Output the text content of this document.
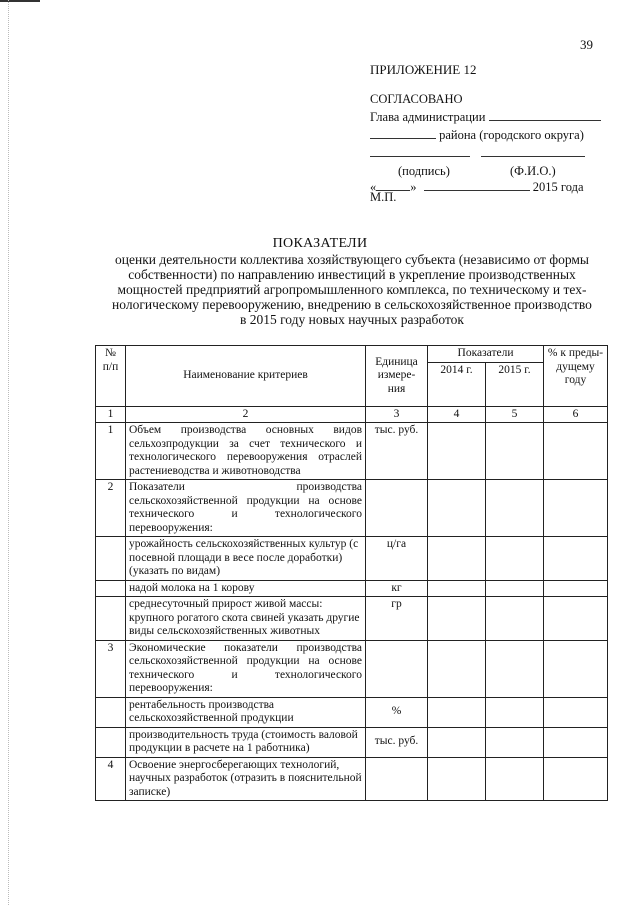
39
ПРИЛОЖЕНИЕ 12
СОГЛАСОВАНО
Глава администрации
района (городского округа)

(подпись)	(Ф.И.О.)
«	»	2015 года
М.П.
ПОКАЗАТЕЛИ
оценки деятельности коллектива хозяйствующего субъекта (независимо от формы
собственности) по направлению инвестиций в укрепление производственных
мощностей предприятий агропромышленного комплекса, по техническому и тех-
нологическому перевооружению, внедрению в сельскохозяйственное производство
в 2015 году новых научных разработок
№ п/п	Наименование критериев	Единица измере-ния	Показатели		% к преды-дущему году
			2014 г.	2015 г.	
1	2	3	4	5	6
1	Объем производства основных видов сельхозпродукции за счет технического и технологического перевооружения отраслей растениеводства и животноводства	тыс. руб.			
2	Показатели производства сельскохозяйственной продукции на основе технического и технологического перевооружения:				
	урожайность сельскохозяйственных культур (с посевной площади в весе после доработки) (указать по видам)	ц/га			
	надой молока на 1 корову	кг			
	среднесуточный прирост живой массы: крупного рогатого скота свиней указать другие виды сельскохозяйственных животных	гр			
3	Экономические показатели производства сельскохозяйственной продукции на основе технического и технологического перевооружения:				
	рентабельность производства сельскохозяйственной продукции	%			
	производительность труда (стоимость валовой продукции в расчете на 1 работника)	тыс. руб.			
4	Освоение энергосберегающих технологий, научных разработок (отразить в пояснительной записке)				
